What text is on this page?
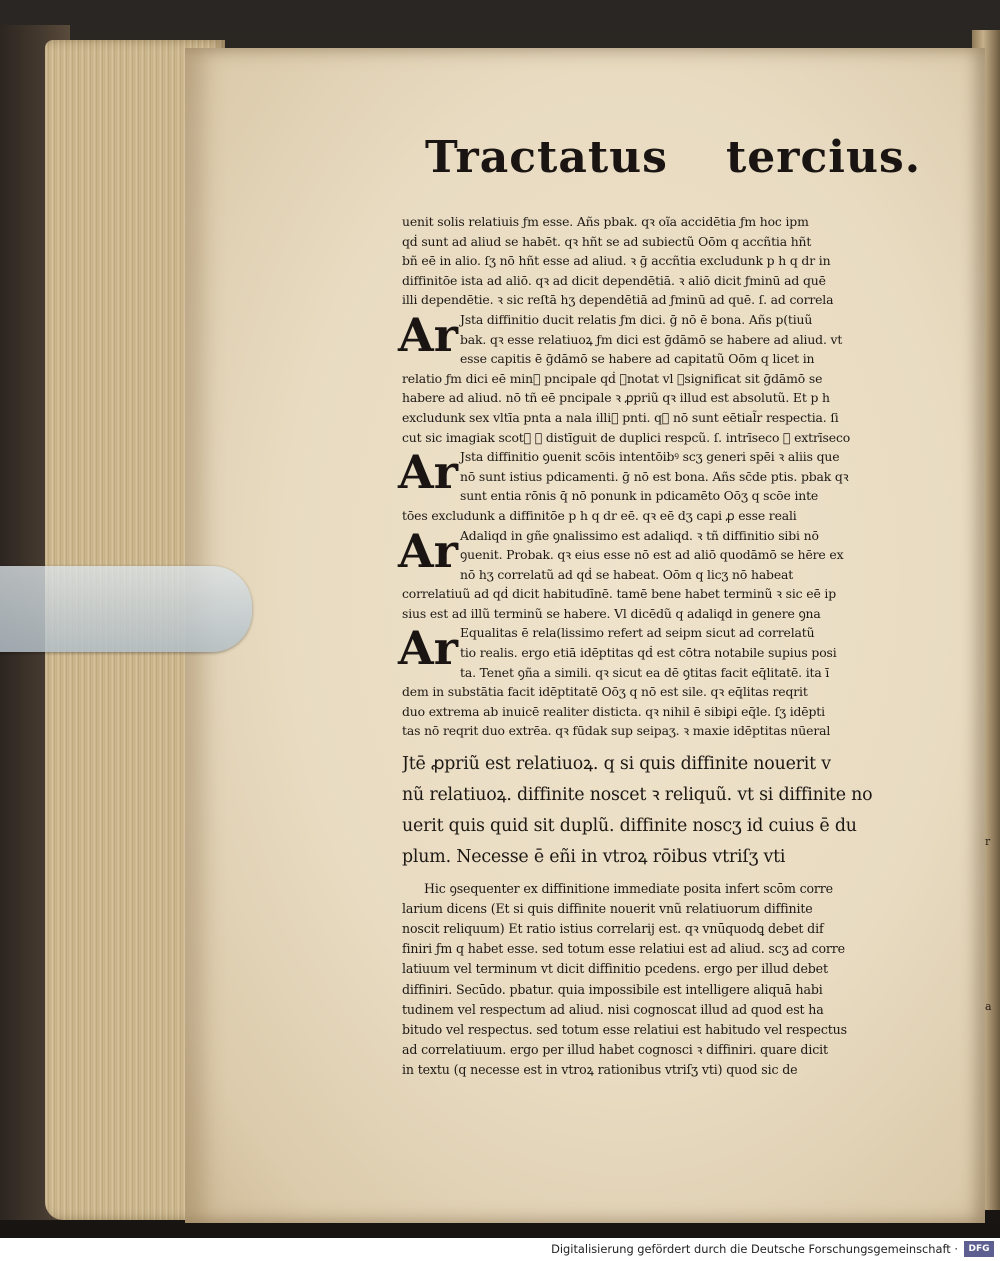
r
a
Tractatus tercius.
uenit solis relatiuis ƒm esse. Añs pbak. qꝛ oĩa accidētia ƒm hoc ipm
qḋ sunt ad aliud se habēt. qꝛ hñt se ad subiectũ Oōm q accñtia hñt
bñ eē in alio. ſʒ nō hñt esse ad aliud. ꝛ ḡ accñtia excludunk p h q dr in
diffinitōe ista ad aliō. qꝛ ad dicit dependētiā. ꝛ aliō dicit ƒminū ad quē
illi dependētie. ꝛ sic reſtā hʒ dependētiā ad ƒminū ad quē. ſ. ad correla
Ar Jsta diffinitio ducit relatis ƒm dici. ḡ nō ē bona. Añs p(tiuũ
bak. qꝛ esse relatiuoꝝ ƒm dici est ḡdāmō se habere ad aliud. vt
esse capitis ē ḡdāmō se habere ad capitatũ Oōm q licet in
relatio ƒm dici eē min᷑ pncipale qḋ ꝯnotat vl ꝯsignificat sit ḡdāmō se
habere ad aliud. nō tñ eē pncipale ꝛ ꝓpriũ qꝛ illud est absolutũ. Et p h
excludunk sex vltīa pnta a nala illi᷑ pnti. qꝛ nō sunt eētial̃r respectia. ſi
cut sic imagiak scot᷑ ꝛ distīguit de duplici respcũ. ſ. intrīseco ꝛ extrīseco
Ar Jsta diffinitio ꝯuenit scōis intentōibꝰ scʒ generi spēi ꝛ aliis que
nō sunt istius pdicamenti. ḡ nō est bona. Añs sc̄de ptis. pbak qꝛ
sunt entia rōnis q̄ nō ponunk in pdicamēto Oōʒ q scōe inte
tōes excludunk a diffinitōe p h q dr eē. qꝛ eē dʒ capi ꝓ esse reali
Ar Adaliqd in gñe ꝯnalissimo est adaliqd. ꝛ tñ diffinitio sibi nō
ꝯuenit. Probak. qꝛ eius esse nō est ad aliō quodāmō se hēre ex
nō hʒ correlatũ ad qḋ se habeat. Oōm q licʒ nō habeat
correlatiuũ ad qḋ dicit habitudīnē. tamē bene habet terminũ ꝛ sic eē ip
sius est ad illũ terminũ se habere. Vl dicēdũ q adaliqd in genere ꝯna
Ar Equalitas ē rela(lissimo refert ad seipm sicut ad correlatũ
tio realis. ergo etiā idēptitas qḋ est cōtra notabile supius posi
ta. Tenet ꝯña a simili. qꝛ sicut ea dē ꝯtitas facit eq̄litatē. ita ī
dem in substātia facit idēptitatē Oōʒ q nō est sile. qꝛ eq̄litas reqrit
duo extrema ab inuicē realiter disticta. qꝛ nihil ē sibiꝑi eq̄le. ſʒ idēpti
tas nō reqrit duo extrēa. qꝛ fūdak sup seipaʒ. ꝛ maxie idēptitas nūeral
Jtē ꝓpriũ est relatiuoꝝ. q si quis diffinite nouerit v
nũ relatiuoꝝ. diffinite noscet ꝛ reliquũ. vt si diffinite no
uerit quis quid sit duplũ. diffinite noscʒ id cuius ē du
plum. Necesse ē eñi in vtroꝝ rōibus vtriſʒ vti
Hic ꝯsequenter ex diffinitione immediate posita infert scōm corre
larium dicens (Et si quis diffinite nouerit vnũ relatiuorum diffinite
noscit reliquum) Et ratio istius correlarij est. qꝛ vnūquodꝗ debet dif
finiri ƒm q habet esse. sed totum esse relatiui est ad aliud. scʒ ad corre
latiuum vel terminum vt dicit diffinitio pcedens. ergo per illud debet
diffiniri. Secūdo. pbatur. quia impossibile est intelligere aliquā habi
tudinem vel respectum ad aliud. nisi cognoscat illud ad quod est ha
bitudo vel respectus. sed totum esse relatiui est habitudo vel respectus
ad correlatiuum. ergo per illud habet cognosci ꝛ diffiniri. quare dicit
in textu (q necesse est in vtroꝝ rationibus vtriſʒ vti) quod sic de
Digitalisierung gefördert durch die Deutsche Forschungsgemeinschaft ·	DFG
